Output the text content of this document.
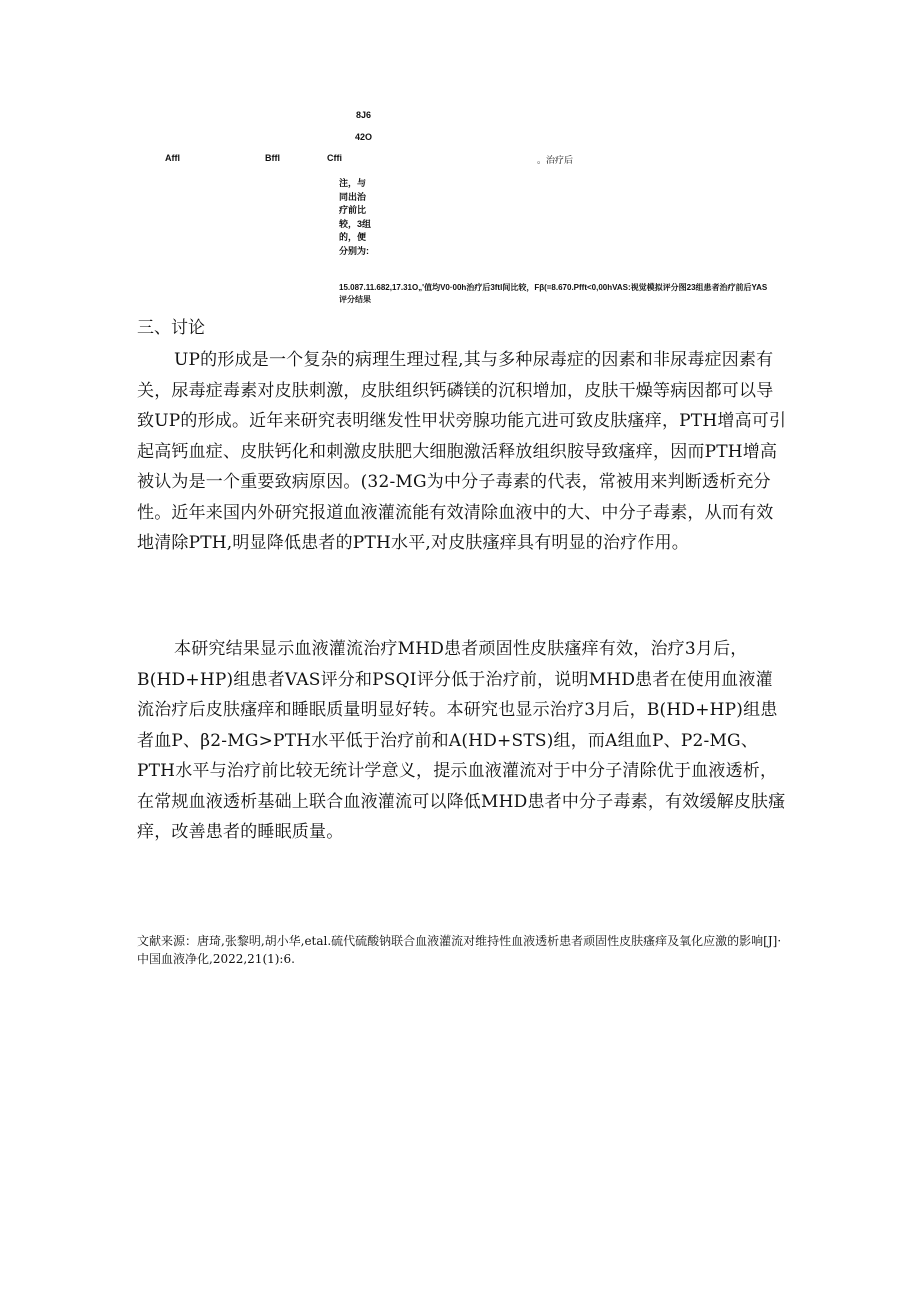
8J6
42O
Affl	Bffl	Cffi	。治疗后
注，与同出治疗前比较，3组的，便分别为:
15.087.11.682,17.31O„'值均V0·00h治疗后3ftl间比较，Fβ(=8.670.Pfft<0,00hVAS:视觉模拟评分图23组患者治疗前后YAS评分结果
三、讨论

UP的形成是一个复杂的病理生理过程,其与多种尿毒症的因素和非尿毒症因素有关，尿毒症毒素对皮肤刺激，皮肤组织钙磷镁的沉积增加，皮肤干燥等病因都可以导致UP的形成。近年来研究表明继发性甲状旁腺功能亢进可致皮肤瘙痒，PTH增高可引起高钙血症、皮肤钙化和刺激皮肤肥大细胞激活释放组织胺导致瘙痒，因而PTH增高被认为是一个重要致病原因。(32-MG为中分子毒素的代表，常被用来判断透析充分性。近年来国内外研究报道血液灌流能有效清除血液中的大、中分子毒素，从而有效地清除PTH,明显降低患者的PTH水平,对皮肤瘙痒具有明显的治疗作用。

本研究结果显示血液灌流治疗MHD患者顽固性皮肤瘙痒有效，治疗3月后，B(HD+HP)组患者VAS评分和PSQI评分低于治疗前，说明MHD患者在使用血液灌流治疗后皮肤瘙痒和睡眠质量明显好转。本研究也显示治疗3月后，B(HD+HP)组患者血P、β2-MG>PTH水平低于治疗前和A(HD+STS)组，而A组血P、P2-MG、PTH水平与治疗前比较无统计学意义，提示血液灌流对于中分子清除优于血液透析，在常规血液透析基础上联合血液灌流可以降低MHD患者中分子毒素，有效缓解皮肤瘙痒，改善患者的睡眠质量。

文献来源：唐琦,张黎明,胡小华,etal.硫代硫酸钠联合血液灌流对维持性血液透析患者顽固性皮肤瘙痒及氧化应激的影响[J]·中国血液净化,2022,21(1):6.
